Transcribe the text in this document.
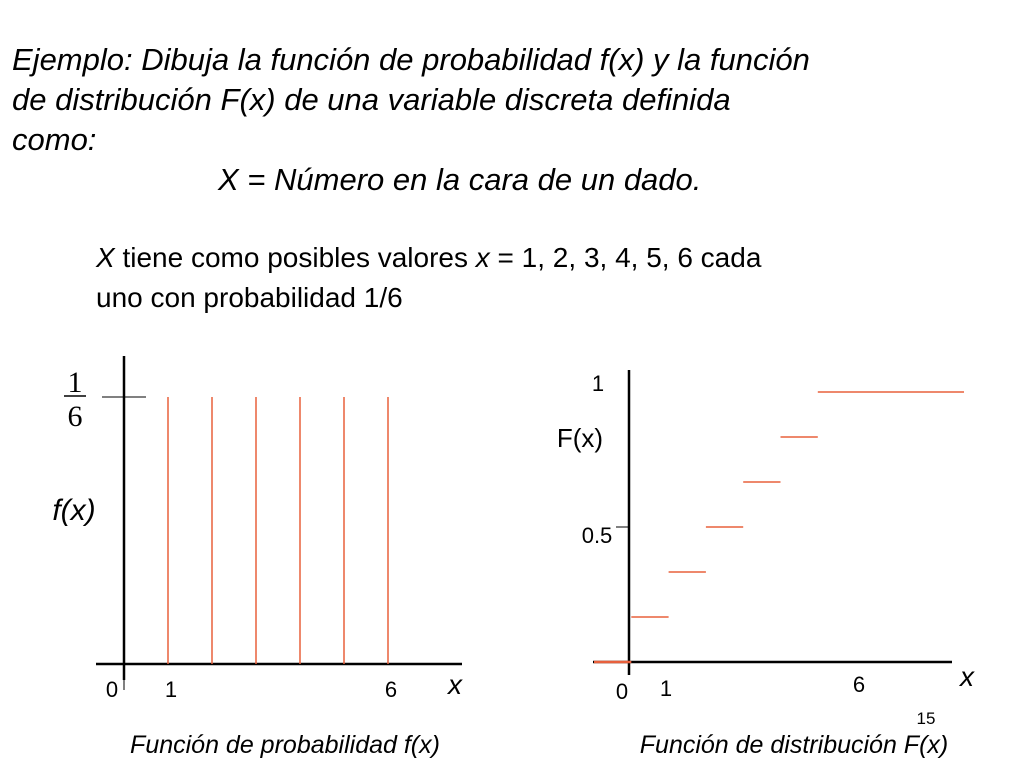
Ejemplo: Dibuja la función de probabilidad f(x) y la función
de distribución F(x) de una variable discreta definida
como:
X = Número en la cara de un dado.
X tiene como posibles valores x = 1, 2, 3, 4, 5, 6 cada
uno con probabilidad 1/6
1
6
f(x)
0 1	6 x
1
0.5
F(x)
0 1	6	x
15
Función de probabilidad f(x)	Función de distribución F(x)
